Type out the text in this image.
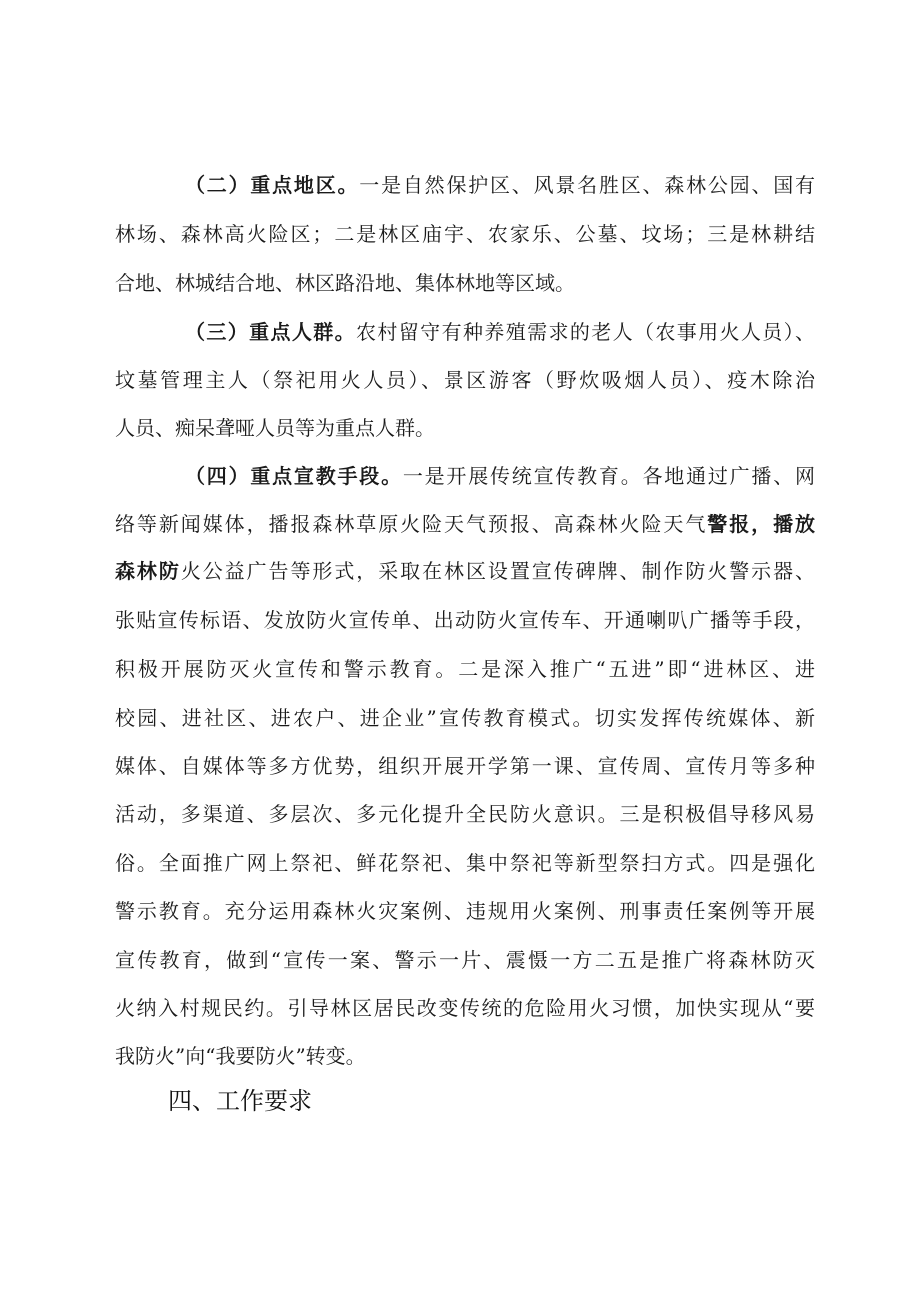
（二）重点地区。一是自然保护区、风景名胜区、森林公园、国有
林场、森林高火险区；二是林区庙宇、农家乐、公墓、坟场；三是林耕结
合地、林城结合地、林区路沿地、集体林地等区域。
（三）重点人群。农村留守有种养殖需求的老人（农事用火人员）、
坟墓管理主人（祭祀用火人员）、景区游客（野炊吸烟人员）、疫木除治
人员、痴呆聋哑人员等为重点人群。
（四）重点宣教手段。一是开展传统宣传教育。各地通过广播、网
络等新闻媒体，播报森林草原火险天气预报、高森林火险天气警报，播放
森林防火公益广告等形式，采取在林区设置宣传碑牌、制作防火警示器、
张贴宣传标语、发放防火宣传单、出动防火宣传车、开通喇叭广播等手段，
积极开展防灭火宣传和警示教育。二是深入推广“五进”即“进林区、进
校园、进社区、进农户、进企业”宣传教育模式。切实发挥传统媒体、新
媒体、自媒体等多方优势，组织开展开学第一课、宣传周、宣传月等多种
活动，多渠道、多层次、多元化提升全民防火意识。三是积极倡导移风易
俗。全面推广网上祭祀、鲜花祭祀、集中祭祀等新型祭扫方式。四是强化
警示教育。充分运用森林火灾案例、违规用火案例、刑事责任案例等开展
宣传教育，做到“宣传一案、警示一片、震慑一方二五是推广将森林防灭
火纳入村规民约。引导林区居民改变传统的危险用火习惯，加快实现从“要
我防火”向“我要防火”转变。
四、工作要求
